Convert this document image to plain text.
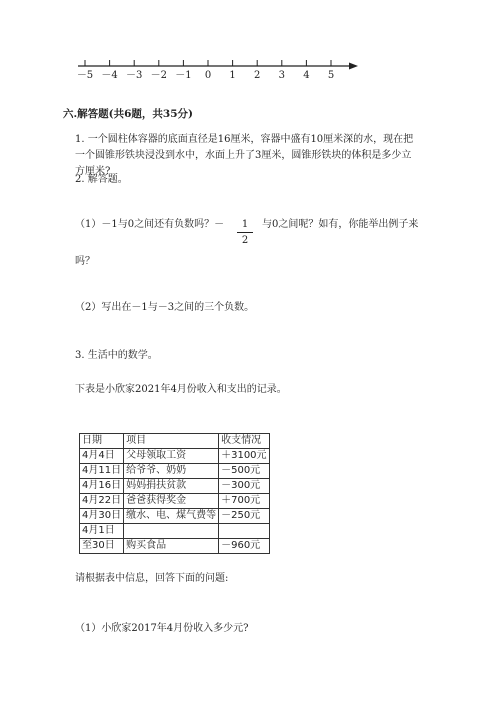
－5 －4 －3 －2 －1	0	1	2	3	4	5
六.解答题(共6题，共35分)
1. 一个圆柱体容器的底面直径是16厘米，容器中盛有10厘米深的水，现在把
一个圆锥形铁块浸没到水中，水面上升了3厘米，圆锥形铁块的体积是多少立
方厘米?
2. 解答题。
（1）－1与0之间还有负数吗？－	1
2
与0之间呢？如有，你能举出例子来
吗？
（2）写出在－1与－3之间的三个负数。
3. 生活中的数学。
下表是小欣家2021年4月份收入和支出的记录。
日期	项目	收支情况
4月4日	父母领取工资	＋3100元
4月11日	给爷爷、奶奶	－500元
4月16日	妈妈捐扶贫款	－300元
4月22日	爸爸获得奖金	＋700元
4月30日	缴水、电、煤气费等	－250元
4月1日		
至30日	购买食品	－960元
请根据表中信息，回答下面的问题:
（1）小欣家2017年4月份收入多少元?
